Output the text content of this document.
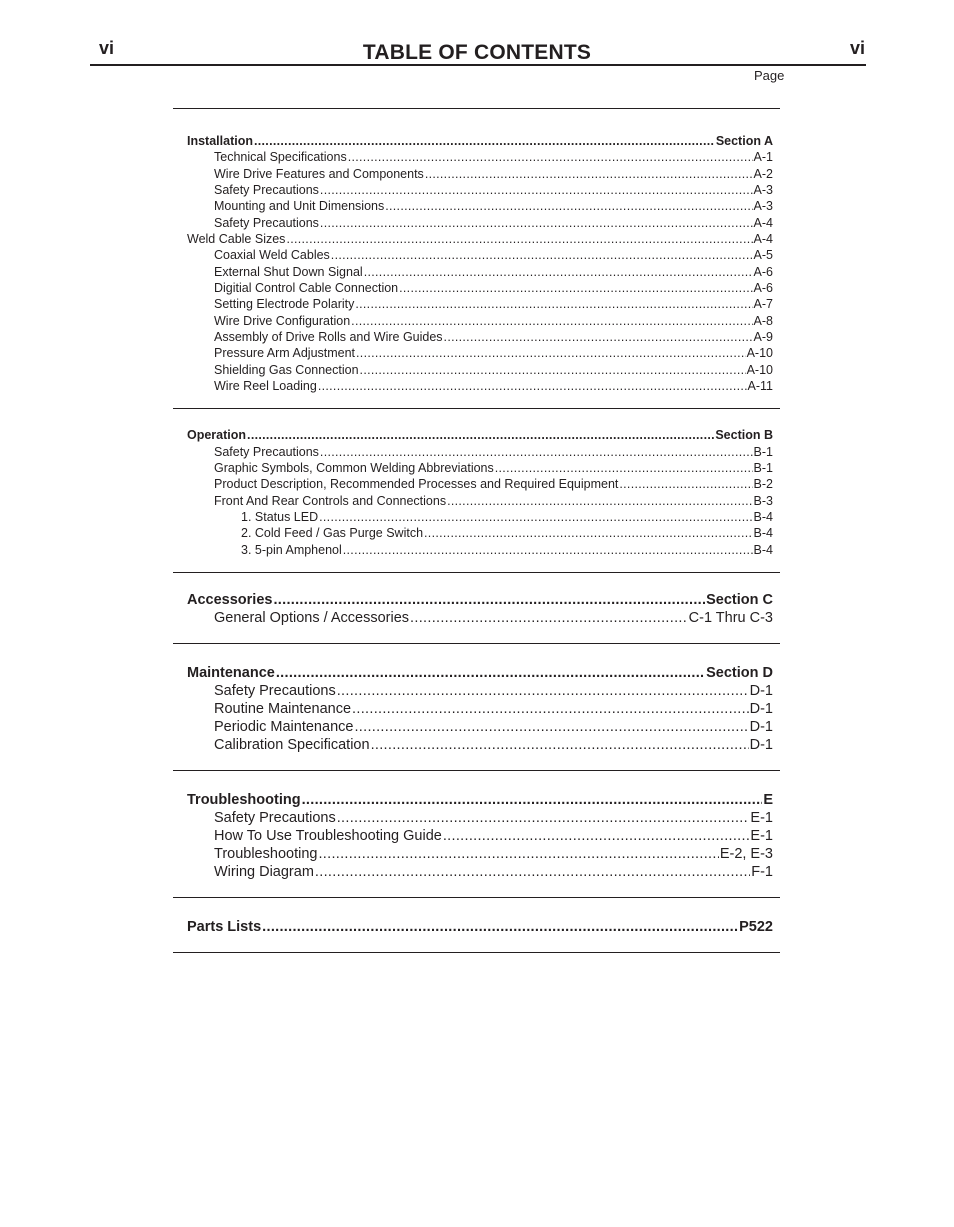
vi	TABLE OF CONTENTS	vi
Page
Installation .....	Section A
Technical Specifications .....	A-1
Wire Drive Features and Components .....	A-2
Safety Precautions .....	A-3
Mounting and Unit Dimensions .....	A-3
Safety Precautions .....	A-4
Weld Cable Sizes .....	A-4
Coaxial Weld Cables .....	A-5
External Shut Down Signal .....	A-6
Digitial Control Cable Connection .....	A-6
Setting Electrode Polarity .....	A-7
Wire Drive Configuration .....	A-8
Assembly of Drive Rolls and Wire Guides .....	A-9
Pressure Arm Adjustment .....	A-10
Shielding Gas Connection .....	A-10
Wire Reel Loading .....	A-11
Operation .....	Section B
Safety Precautions .....	B-1
Graphic Symbols, Common Welding Abbreviations .....	B-1
Product Description, Recommended Processes and Required Equipment .....	B-2
Front And Rear Controls and Connections .....	B-3
1. Status LED .....	B-4
2. Cold Feed / Gas Purge Switch .....	B-4
3. 5-pin Amphenol .....	B-4
Accessories .....	Section C
General Options / Accessories .....	C-1 Thru C-3
Maintenance .....	Section D
Safety Precautions .....	D-1
Routine Maintenance .....	D-1
Periodic Maintenance .....	D-1
Calibration Specification .....	D-1
Troubleshooting .....	E
Safety Precautions .....	E-1
How To Use Troubleshooting Guide .....	E-1
Troubleshooting .....	E-2, E-3
Wiring Diagram .....	F-1
Parts Lists .....	P522
